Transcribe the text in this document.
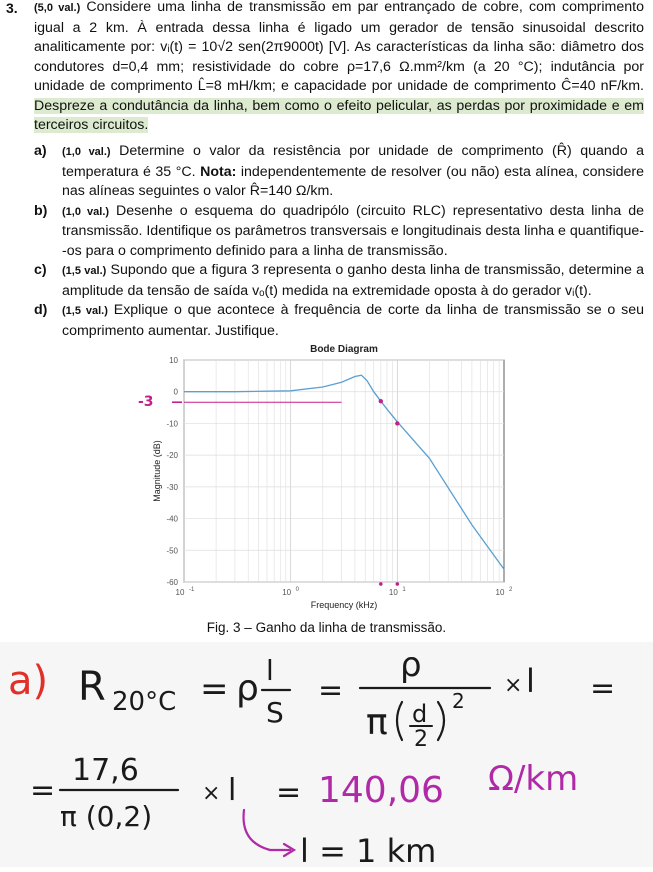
3. (5,0 val.) Considere uma linha de transmissão em par entrançado de cobre, com comprimento igual a 2 km. À entrada dessa linha é ligado um gerador de tensão sinusoidal descrito analiticamente por: vᵢ(t) = 10√2 sen(2π9000t) [V]. As características da linha são: diâmetro dos condutores d=0,4 mm; resistividade do cobre ρ=17,6 Ω.mm²/km (a 20 °C); indutância por unidade de comprimento L̂=8 mH/km; e capacidade por unidade de comprimento Ĉ=40 nF/km. Despreze a condutância da linha, bem como o efeito pelicular, as perdas por proximidade e em terceiros circuitos.
a)	(1,0 val.) Determine o valor da resistência por unidade de comprimento (R̂) quando a temperatura é 35 °C. Nota: independentemente de resolver (ou não) esta alínea, considere nas alíneas seguintes o valor R̂=140 Ω/km.
b)	(1,0 val.) Desenhe o esquema do quadripólo (circuito RLC) representativo desta linha de transmissão. Identifique os parâmetros transversais e longitudinais desta linha e quantifique--os para o comprimento definido para a linha de transmissão.
c)	(1,5 val.) Supondo que a figura 3 representa o ganho desta linha de transmissão, determine a amplitude da tensão de saída vₒ(t) medida na extremidade oposta à do gerador vᵢ(t).
d)	(1,5 val.) Explique o que acontece à frequência de corte da linha de transmissão se o seu comprimento aumentar. Justifique.
10
0
-10
-20
-30
-40
-50
-60
10 -1	10 0	10 1	10 2
Bode Diagram
Frequency (kHz)
Magnitude (dB)
-3
Fig. 3 – Ganho da linha de transmissão.
a) R 20°C = ρ l
S
=
ρ
π d
2
2
× l =
=
17,6
π (0,2)
× l = 140,06 Ω/km
l = 1 km
